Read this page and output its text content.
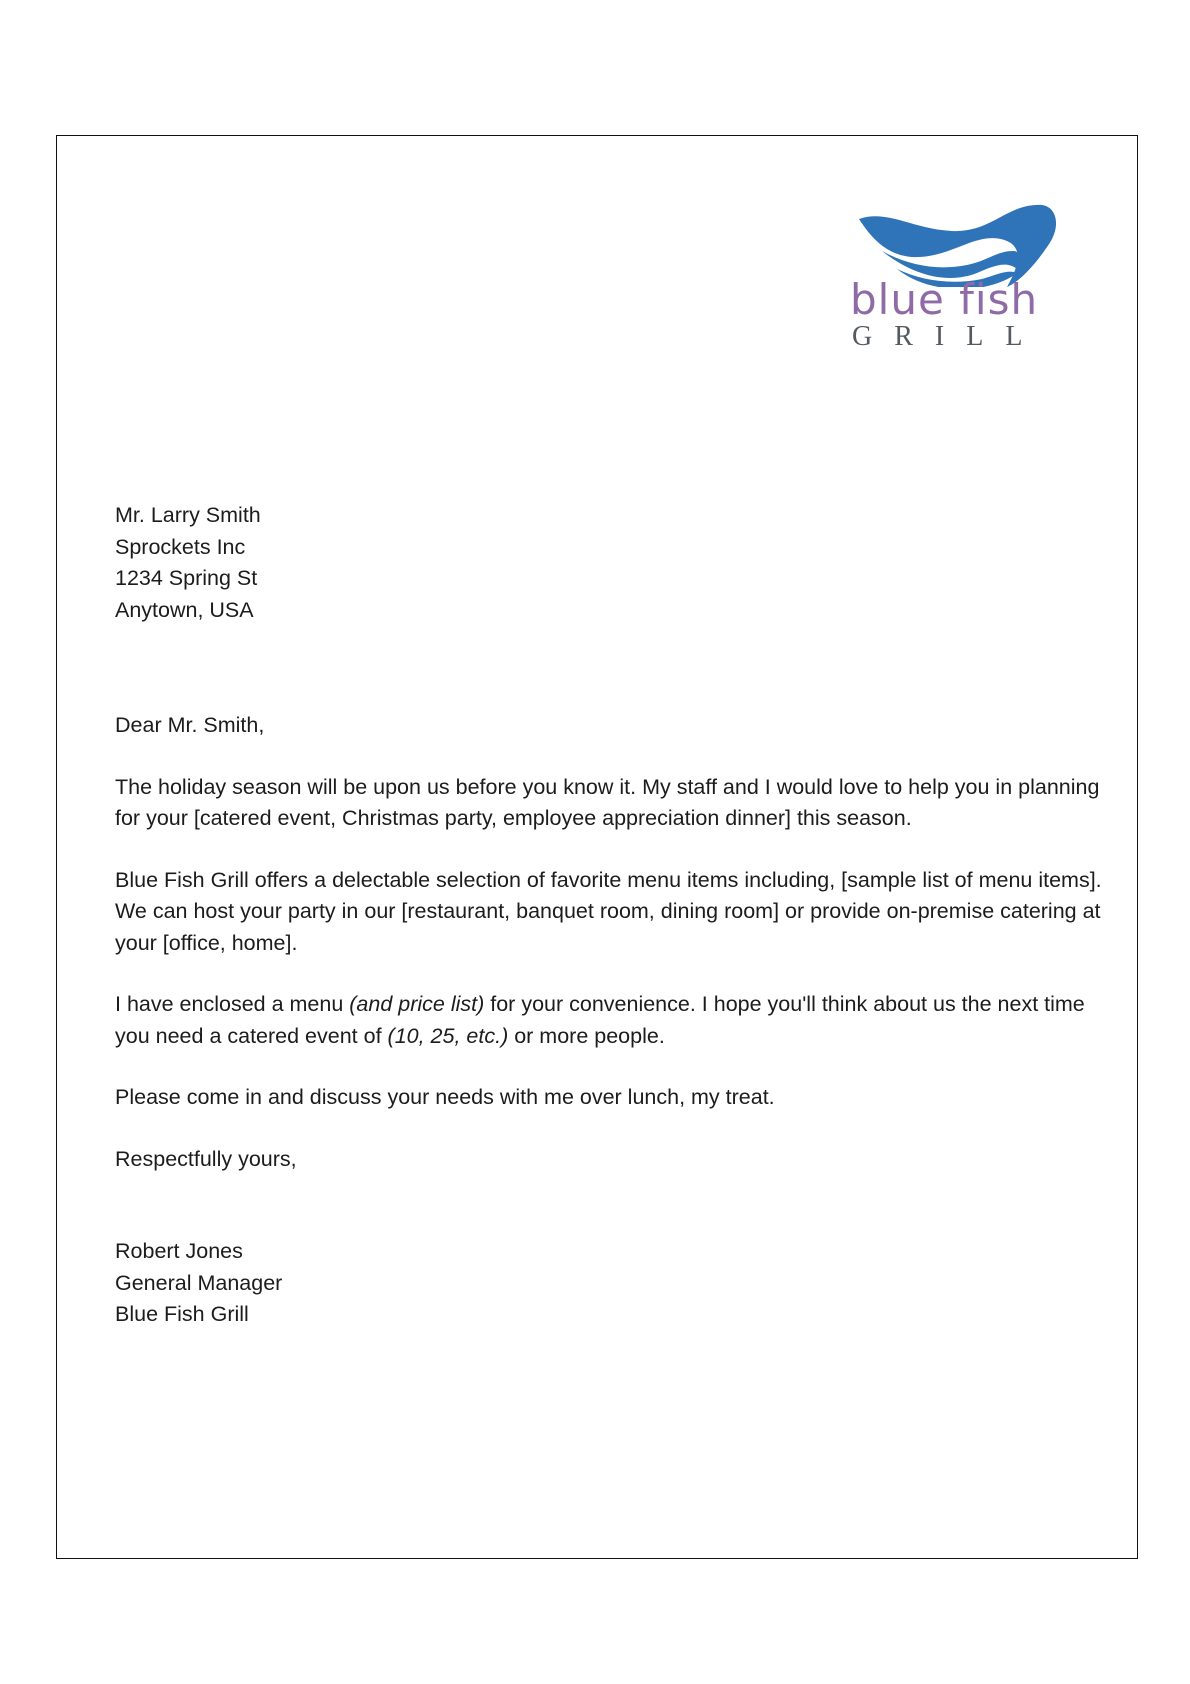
blue fish
GRILL
Mr. Larry Smith
Sprockets Inc
1234 Spring St
Anytown, USA
Dear Mr. Smith,
The holiday season will be upon us before you know it. My staff and I would love to help you in planning for your [catered event, Christmas party, employee appreciation dinner] this season.
Blue Fish Grill offers a delectable selection of favorite menu items including, [sample list of menu items]. We can host your party in our [restaurant, banquet room, dining room] or provide on-premise catering at your [office, home].
I have enclosed a menu (and price list) for your convenience. I hope you'll think about us the next time you need a catered event of (10, 25, etc.) or more people.
Please come in and discuss your needs with me over lunch, my treat.
Respectfully yours,
Robert Jones
General Manager
Blue Fish Grill
